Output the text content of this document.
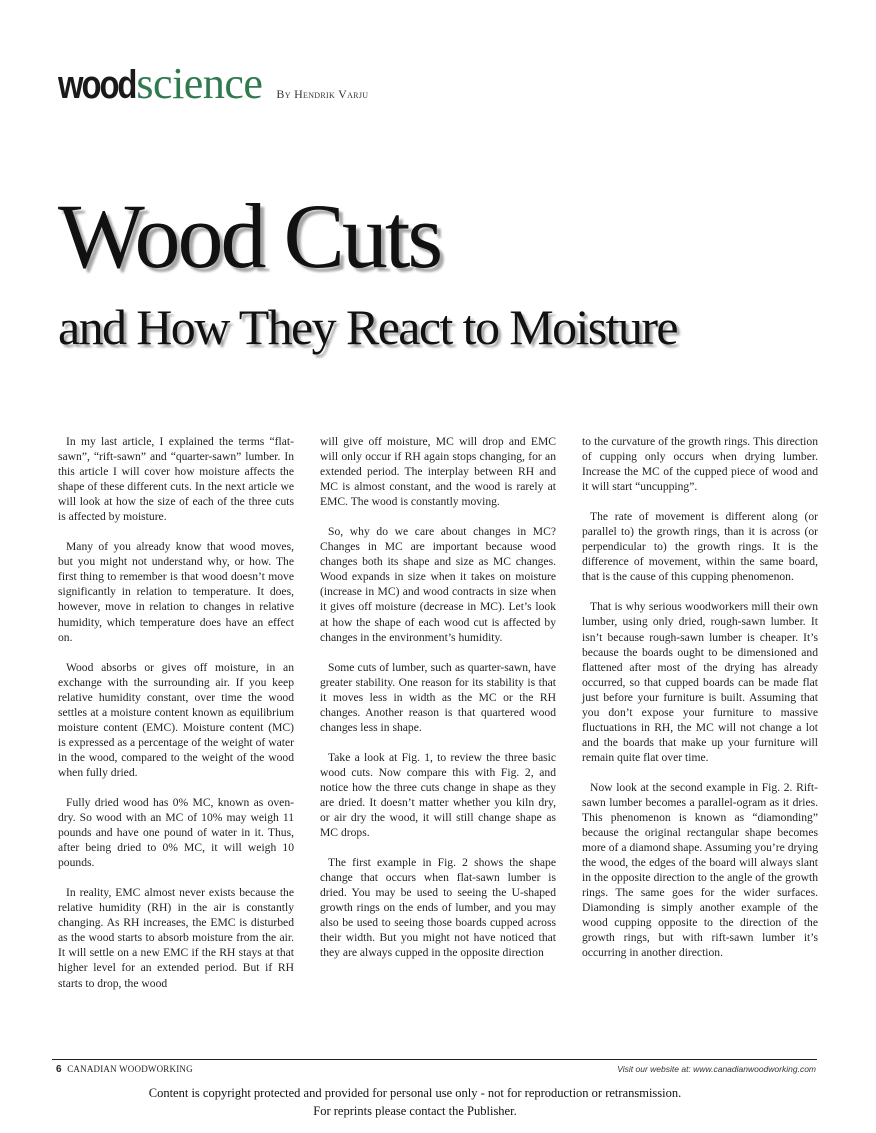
wood science By Hendrik Varju
Wood Cuts
and How They React to Moisture

In my last article, I explained the terms “flat-sawn”, “rift-sawn” and “quarter-sawn” lumber. In this article I will cover how moisture affects the shape of these different cuts. In the next article we will look at how the size of each of the three cuts is affected by moisture.

Many of you already know that wood moves, but you might not understand why, or how. The first thing to remember is that wood doesn’t move significantly in relation to temperature. It does, however, move in relation to changes in relative humidity, which temperature does have an effect on.

Wood absorbs or gives off moisture, in an exchange with the surrounding air. If you keep relative humidity constant, over time the wood settles at a moisture content known as equilibrium moisture content (EMC). Moisture content (MC) is expressed as a percentage of the weight of water in the wood, compared to the weight of the wood when fully dried.

Fully dried wood has 0% MC, known as oven-dry. So wood with an MC of 10% may weigh 11 pounds and have one pound of water in it. Thus, after being dried to 0% MC, it will weigh 10 pounds.

In reality, EMC almost never exists because the relative humidity (RH) in the air is constantly changing. As RH increases, the EMC is disturbed as the wood starts to absorb moisture from the air. It will settle on a new EMC if the RH stays at that higher level for an extended period. But if RH starts to drop, the wood

will give off moisture, MC will drop and EMC will only occur if RH again stops changing, for an extended period. The interplay between RH and MC is almost constant, and the wood is rarely at EMC. The wood is constantly moving.

So, why do we care about changes in MC? Changes in MC are important because wood changes both its shape and size as MC changes. Wood expands in size when it takes on moisture (increase in MC) and wood contracts in size when it gives off moisture (decrease in MC). Let’s look at how the shape of each wood cut is affected by changes in the environment’s humidity.

Some cuts of lumber, such as quarter-sawn, have greater stability. One reason for its stability is that it moves less in width as the MC or the RH changes. Another reason is that quartered wood changes less in shape.

Take a look at Fig. 1, to review the three basic wood cuts. Now compare this with Fig. 2, and notice how the three cuts change in shape as they are dried. It doesn’t matter whether you kiln dry, or air dry the wood, it will still change shape as MC drops.

The first example in Fig. 2 shows the shape change that occurs when flat-sawn lumber is dried. You may be used to seeing the U-shaped growth rings on the ends of lumber, and you may also be used to seeing those boards cupped across their width. But you might not have noticed that they are always cupped in the opposite direction

to the curvature of the growth rings. This direction of cupping only occurs when drying lumber. Increase the MC of the cupped piece of wood and it will start “uncupping”.

The rate of movement is different along (or parallel to) the growth rings, than it is across (or perpendicular to) the growth rings. It is the difference of movement, within the same board, that is the cause of this cupping phenomenon.

That is why serious woodworkers mill their own lumber, using only dried, rough-sawn lumber. It isn’t because rough-sawn lumber is cheaper. It’s because the boards ought to be dimensioned and flattened after most of the drying has already occurred, so that cupped boards can be made flat just before your furniture is built. Assuming that you don’t expose your furniture to massive fluctuations in RH, the MC will not change a lot and the boards that make up your furniture will remain quite flat over time.

Now look at the second example in Fig. 2. Rift-sawn lumber becomes a parallel-ogram as it dries. This phenomenon is known as “diamonding” because the original rectangular shape becomes more of a diamond shape. Assuming you’re drying the wood, the edges of the board will always slant in the opposite direction to the angle of the growth rings. The same goes for the wider surfaces. Diamonding is simply another example of the wood cupping opposite to the direction of the growth rings, but with rift-sawn lumber it’s occurring in another direction.

6 CANADIAN WOODWORKING	Visit our website at: www.canadianwoodworking.com
Content is copyright protected and provided for personal use only - not for reproduction or retransmission.
For reprints please contact the Publisher.
